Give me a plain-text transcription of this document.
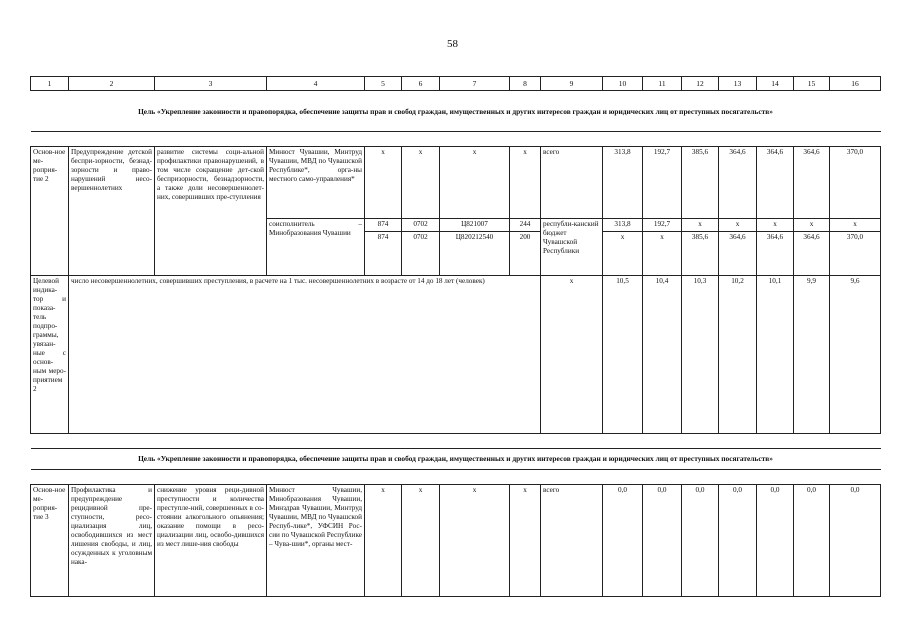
58
1	2	3	4	5	6	7	8	9	10	11	12	13	14	15	16
Цель «Укрепление законности и правопорядка, обеспечение защиты прав и свобод граждан, имущественных и других интересов граждан и юридических лиц от преступных посягательств»															

Основ-ное ме-роприя-тие 2	Предупреждение детской беспри-зорности, безнад-зорности и право-нарушений несо-вершеннолетних	развитие системы соци-альной профилактики правонарушений, в том числе сокращение дет-ской беспризорности, безнадзорности, а также доли несовершеннолет-них, совершивших пре-ступления	Минюст Чувашии, Минтруд Чувашии, МВД по Чувашской Республике*, орга-ны местного само-управления*	x	x	x	x	всего	313,8	192,7	385,6	364,6	364,6	364,6	370,0
			соисполнитель – Минобразования Чувашии	874	0702	Ц821007	244	республи-канский бюджет Чувашской Республики	313,8	192,7	x	x	x	x	x
				874	0702	Ц820212540	200		x	x	385,6	364,6	364,6	364,6	370,0
Целевой индика-тор и показа-тель подпро-граммы, увязан-ные с основ-ным меро-приятием 2	число несовершеннолетних, совершивших преступления, в расчете на 1 тыс. несовершеннолетних в возрасте от 14 до 18 лет (человек)							x	10,5	10,4	10,3	10,2	10,1	9,9	9,6

Цель «Укрепление законности и правопорядка, обеспечение защиты прав и свобод граждан, имущественных и других интересов граждан и юридических лиц от преступных посягательств»															

Основ-ное ме-роприя-тие 3	Профилактика и предупреждение рецидивной пре-ступности, ресо-циализация лиц, освободившихся из мест лишения свободы, и лиц, осужденных к уголовным нака-	снижение уровня реци-дивной преступности и количества преступле-ний, совершенных в со-стоянии алкогольного опьянения; оказание помощи в ресо-циализации лиц, освобо-дившихся из мест лише-ния свободы	Минюст Чувашии, Минобразования Чувашии, Минздрав Чувашии, Минтруд Чувашии, МВД по Чувашской Респуб-лике*, УФСИН Рос-сии по Чувашской Республике – Чува-шии*, органы мест-	x	x	x	x	всего	0,0	0,0	0,0	0,0	0,0	0,0	0,0
